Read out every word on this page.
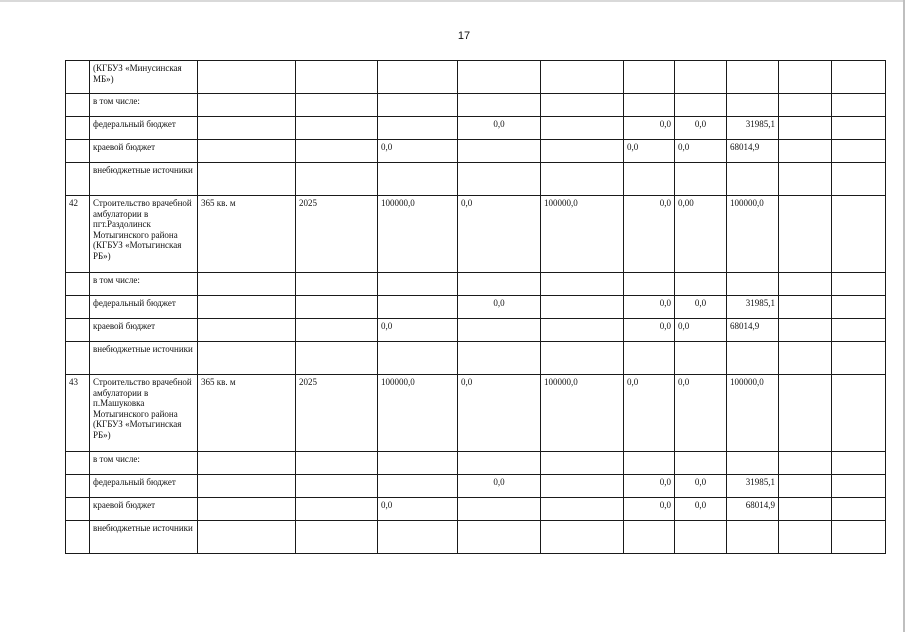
17
	(КГБУЗ «Минусинская МБ»)										
	в том числе:										
	федеральный бюджет				0,0		0,0	0,0	31985,1		
	краевой бюджет			0,0			0,0	0,0	68014,9		
	внебюджетные источники										
42	Строительство врачебной амбулатории в пгт.Раздолинск Мотыгинского района (КГБУЗ «Мотыгинская РБ»)	365 кв. м	2025	100000,0	0,0	100000,0	0,0	0,00	100000,0		
	в том числе:										
	федеральный бюджет				0,0		0,0	0,0	31985,1		
	краевой бюджет			0,0			0,0	0,0	68014,9		
	внебюджетные источники										
43	Строительство врачебной амбулатории в п.Машуковка Мотыгинского района (КГБУЗ «Мотыгинская РБ»)	365 кв. м	2025	100000,0	0,0	100000,0	0,0	0,0	100000,0		
	в том числе:										
	федеральный бюджет				0,0		0,0	0,0	31985,1		
	краевой бюджет			0,0			0,0	0,0	68014,9		
	внебюджетные источники										
